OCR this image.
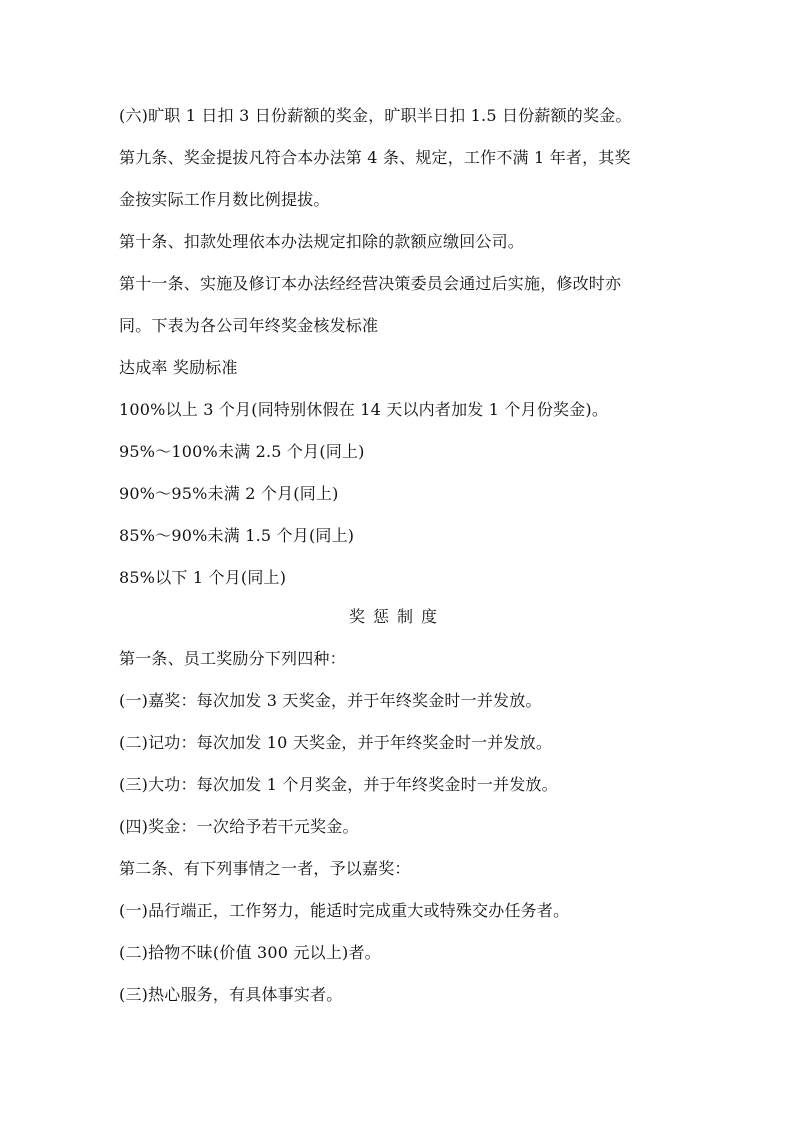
(六)旷职 1 日扣 3 日份薪额的奖金，旷职半日扣 1.5 日份薪额的奖金。
第九条、奖金提拔凡符合本办法第 4 条、规定，工作不满 1 年者，其奖
金按实际工作月数比例提拔。
第十条、扣款处理依本办法规定扣除的款额应缴回公司。
第十一条、实施及修订本办法经经营决策委员会通过后实施，修改时亦
同。下表为各公司年终奖金核发标准
达成率 奖励标准
100%以上 3 个月(同特别休假在 14 天以内者加发 1 个月份奖金)。
95%～100%未满 2.5 个月(同上)
90%～95%未满 2 个月(同上)
85%～90%未满 1.5 个月(同上)
85%以下 1 个月(同上)
奖惩制度
第一条、员工奖励分下列四种：
(一)嘉奖：每次加发 3 天奖金，并于年终奖金时一并发放。
(二)记功：每次加发 10 天奖金，并于年终奖金时一并发放。
(三)大功：每次加发 1 个月奖金，并于年终奖金时一并发放。
(四)奖金：一次给予若干元奖金。
第二条、有下列事情之一者，予以嘉奖：
(一)品行端正，工作努力，能适时完成重大或特殊交办任务者。
(二)拾物不昧(价值 300 元以上)者。
(三)热心服务，有具体事实者。
